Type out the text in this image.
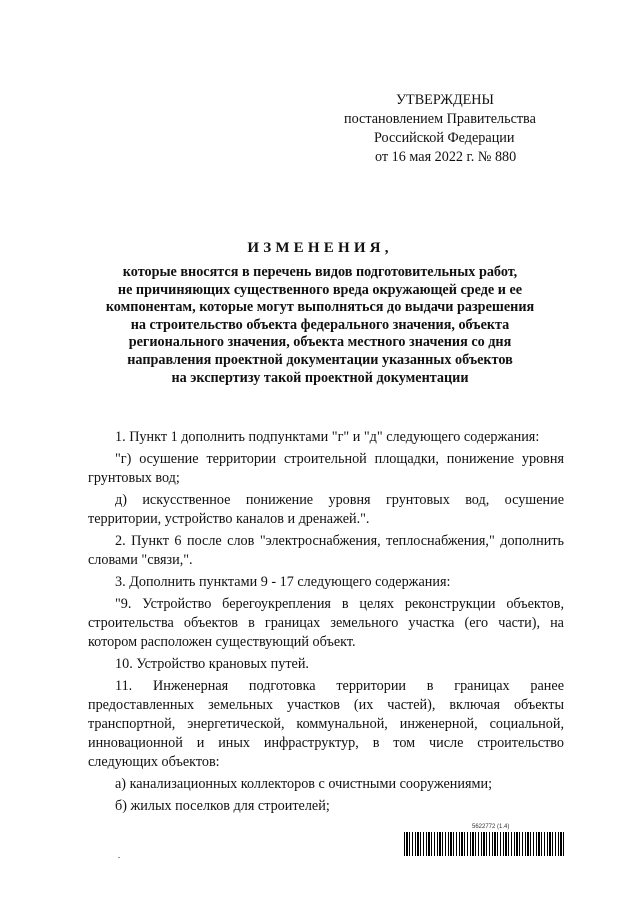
УТВЕРЖДЕНЫ
постановлением Правительства
Российской Федерации
от 16 мая 2022 г. № 880
ИЗМЕНЕНИЯ,
которые вносятся в перечень видов подготовительных работ,
не причиняющих существенного вреда окружающей среде и ее
компонентам, которые могут выполняться до выдачи разрешения
на строительство объекта федерального значения, объекта
регионального значения, объекта местного значения со дня
направления проектной документации указанных объектов
на экспертизу такой проектной документации

1. Пункт 1 дополнить подпунктами "г" и "д" следующего содержания:

"г) осушение территории строительной площадки, понижение уровня грунтовых вод;

д) искусственное понижение уровня грунтовых вод, осушение территории, устройство каналов и дренажей.".

2. Пункт 6 после слов "электроснабжения, теплоснабжения," дополнить словами "связи,".

3. Дополнить пунктами 9 - 17 следующего содержания:

"9. Устройство берегоукрепления в целях реконструкции объектов, строительства объектов в границах земельного участка (его части), на котором расположен существующий объект.

10. Устройство крановых путей.

11. Инженерная подготовка территории в границах ранее предоставленных земельных участков (их частей), включая объекты транспортной, энергетической, коммунальной, инженерной, социальной, инновационной и иных инфраструктур, в том числе строительство следующих объектов:

а) канализационных коллекторов с очистными сооружениями;

б) жилых поселков для строителей;

5622772 (1.4)
